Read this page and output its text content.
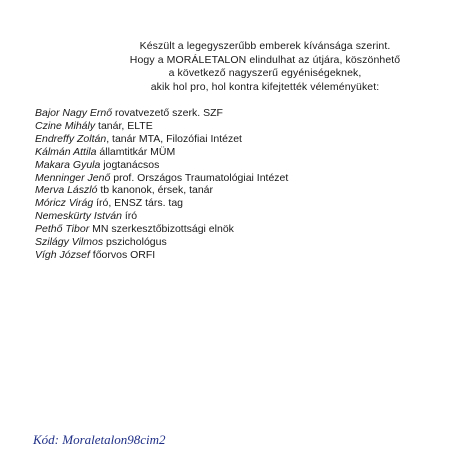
Készült a legegyszerűbb emberek kívánsága szerint.
Hogy a MORÁLETALON elindulhat az útjára, köszönhető
a következő nagyszerű egyéniségeknek,
akik hol pro, hol kontra kifejtették véleményüket:
Bajor Nagy Ernő rovatvezető szerk. SZF
Czine Mihály tanár, ELTE
Endreffy Zoltán, tanár MTA, Filozófiai Intézet
Kálmán Attila államtitkár MÜM
Makara Gyula jogtanácsos
Menninger Jenő prof. Országos Traumatológiai Intézet
Merva László tb kanonok, érsek, tanár
Móricz Virág író, ENSZ társ. tag
Nemeskürty István író
Pethő Tibor MN szerkesztőbizottsági elnök
Szilágy Vilmos pszichológus
Vígh József főorvos ORFI
Kód: Moraletalon98cim2
